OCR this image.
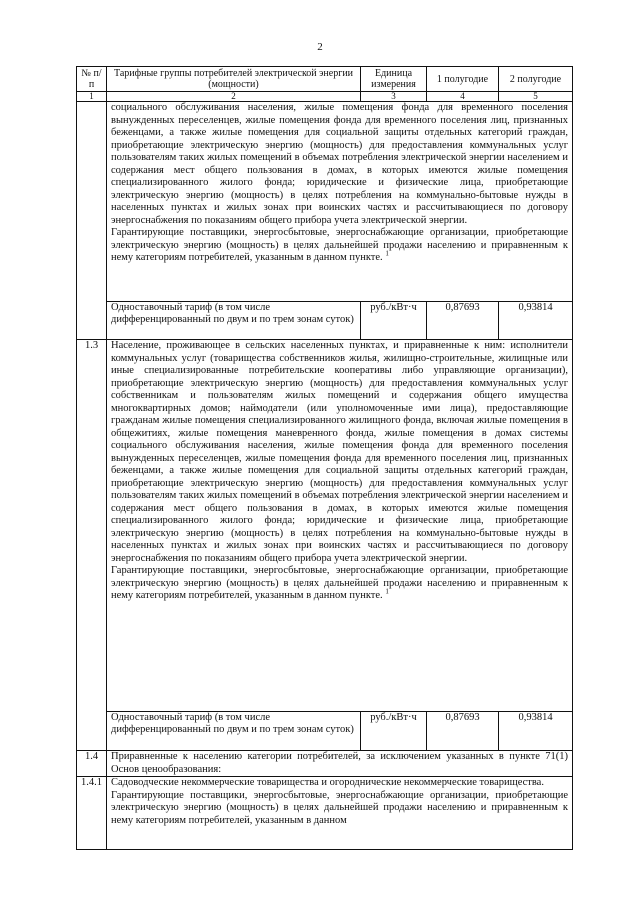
2
№ п/п	Тарифные группы потребителей электрической энергии (мощности)	Единица измерения	1 полугодие	2 полугодие
1	2	3	4	5

	социального обслуживания населения, жилые помещения фонда для временного поселения вынужденных переселенцев, жилые помещения фонда для временного поселения лиц, признанных беженцами, а также жилые помещения для социальной защиты отдельных категорий граждан, приобретающие электрическую энергию (мощность) для предоставления коммунальных услуг пользователям таких жилых помещений в объемах потребления электрической энергии населением и содержания мест общего пользования в домах, в которых имеются жилые помещения специализированного жилого фонда; юридические и физические лица, приобретающие электрическую энергию (мощность) в целях потребления на коммунально-бытовые нужды в населенных пунктах и жилых зонах при воинских частях и рассчитывающиеся по договору энергоснабжения по показаниям общего прибора учета электрической энергии.

Гарантирующие поставщики, энергосбытовые, энергоснабжающие организации, приобретающие электрическую энергию (мощность) в целях дальнейшей продажи населению и приравненным к нему категориям потребителей, указанным в данном пункте. $^1$

	Одноставочный тариф (в том числе дифференцированный по двум и по трем зонам суток)	руб./кВт·ч	0,87693	0,93814
1.3	Население, проживающее в сельских населенных пунктах, и приравненные к ним: исполнители коммунальных услуг (товарищества собственников жилья, жилищно-строительные, жилищные или иные специализированные потребительские кооперативы либо управляющие организации), приобретающие электрическую энергию (мощность) для предоставления коммунальных услуг собственникам и пользователям жилых помещений и содержания общего имущества многоквартирных домов; наймодатели (или уполномоченные ими лица), предоставляющие гражданам жилые помещения специализированного жилищного фонда, включая жилые помещения в общежитиях, жилые помещения маневренного фонда, жилые помещения в домах системы социального обслуживания населения, жилые помещения фонда для временного поселения вынужденных переселенцев, жилые помещения фонда для временного поселения лиц, признанных беженцами, а также жилые помещения для социальной защиты отдельных категорий граждан, приобретающие электрическую энергию (мощность) для предоставления коммунальных услуг пользователям таких жилых помещений в объемах потребления электрической энергии населением и содержания мест общего пользования в домах, в которых имеются жилые помещения специализированного жилого фонда; юридические и физические лица, приобретающие электрическую энергию (мощность) в целях потребления на коммунально-бытовые нужды в населенных пунктах и жилых зонах при воинских частях и рассчитывающиеся по договору энергоснабжения по показаниям общего прибора учета электрической энергии.

Гарантирующие поставщики, энергосбытовые, энергоснабжающие организации, приобретающие электрическую энергию (мощность) в целях дальнейшей продажи населению и приравненным к нему категориям потребителей, указанным в данном пункте. $^1$

	Одноставочный тариф (в том числе дифференцированный по двум и по трем зонам суток)	руб./кВт·ч	0,87693	0,93814
1.4	Приравненные к населению категории потребителей, за исключением указанных в пункте 71(1) Основ ценообразования:			

1.4.1	Садоводческие некоммерческие товарищества и огороднические некоммерческие товарищества.

Гарантирующие поставщики, энергосбытовые, энергоснабжающие организации, приобретающие электрическую энергию (мощность) в целях дальнейшей продажи населению и приравненным к нему категориям потребителей, указанным в данном			
